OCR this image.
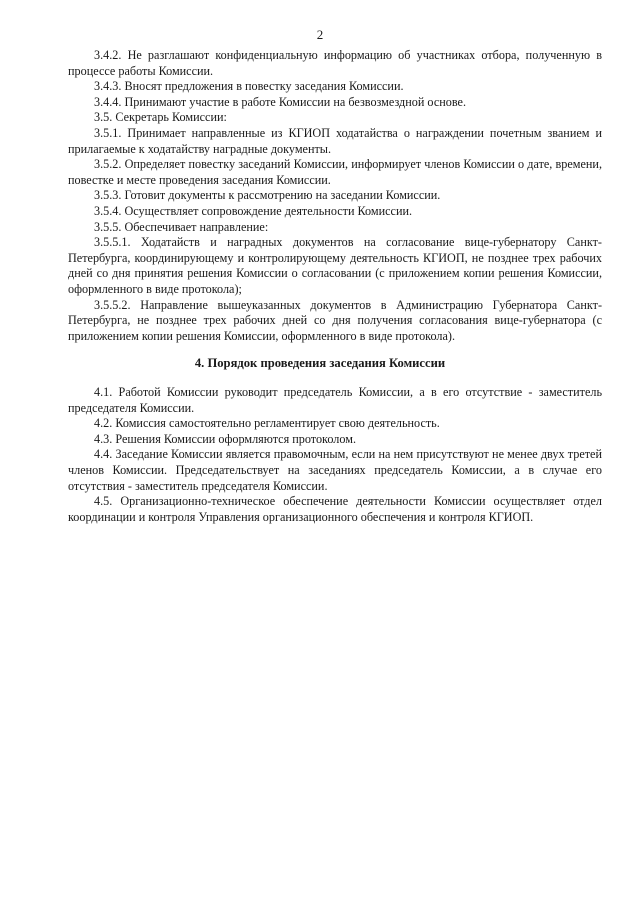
2

3.4.2. Не разглашают конфиденциальную информацию об участниках отбора, полученную в процессе работы Комиссии.

3.4.3. Вносят предложения в повестку заседания Комиссии.

3.4.4. Принимают участие в работе Комиссии на безвозмездной основе.

3.5. Секретарь Комиссии:

3.5.1. Принимает направленные из КГИОП ходатайства о награждении почетным званием и прилагаемые к ходатайству наградные документы.

3.5.2. Определяет повестку заседаний Комиссии, информирует членов Комиссии о дате, времени, повестке и месте проведения заседания Комиссии.

3.5.3. Готовит документы к рассмотрению на заседании Комиссии.

3.5.4. Осуществляет сопровождение деятельности Комиссии.

3.5.5. Обеспечивает направление:

3.5.5.1. Ходатайств и наградных документов на согласование вице-губернатору Санкт-Петербурга, координирующему и контролирующему деятельность КГИОП, не позднее трех рабочих дней со дня принятия решения Комиссии о согласовании (с приложением копии решения Комиссии, оформленного в виде протокола);

3.5.5.2. Направление вышеуказанных документов в Администрацию Губернатора Санкт-Петербурга, не позднее трех рабочих дней со дня получения согласования вице-губернатора (с приложением копии решения Комиссии, оформленного в виде протокола).

4. Порядок проведения заседания Комиссии

4.1. Работой Комиссии руководит председатель Комиссии, а в его отсутствие - заместитель председателя Комиссии.

4.2. Комиссия самостоятельно регламентирует свою деятельность.

4.3. Решения Комиссии оформляются протоколом.

4.4. Заседание Комиссии является правомочным, если на нем присутствуют не менее двух третей членов Комиссии. Председательствует на заседаниях председатель Комиссии, а в случае его отсутствия - заместитель председателя Комиссии.

4.5. Организационно-техническое обеспечение деятельности Комиссии осуществляет отдел координации и контроля Управления организационного обеспечения и контроля КГИОП.
